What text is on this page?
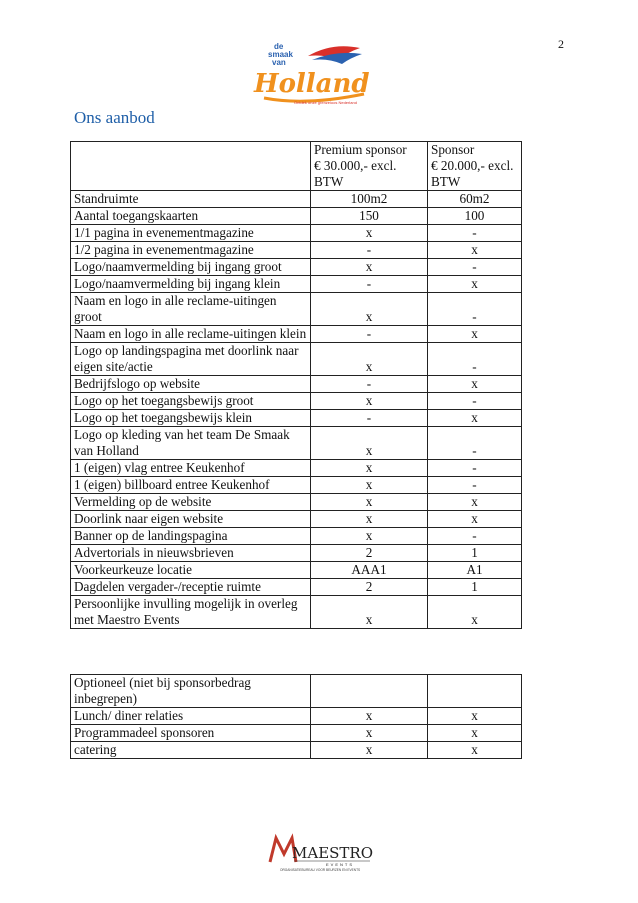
2
de
smaak
van
Holland
Ontdek onze grenzeloos Nederland
Ons aanbod
	Premium sponsor
€ 30.000,- excl.
BTW	Sponsor
€ 20.000,- excl.
BTW
Standruimte	100m2	60m2
Aantal toegangskaarten	150	100
1/1 pagina in evenementmagazine	x	-
1/2 pagina in evenementmagazine	-	x
Logo/naamvermelding bij ingang groot	x	-
Logo/naamvermelding bij ingang klein	-	x
Naam en logo in alle reclame-uitingen groot	x	-
Naam en logo in alle reclame-uitingen klein	-	x
Logo op landingspagina met doorlink naar eigen site/actie	x	-
Bedrijfslogo op website	-	x
Logo op het toegangsbewijs groot	x	-
Logo op het toegangsbewijs klein	-	x
Logo op kleding van het team De Smaak van Holland	x	-
1 (eigen) vlag entree Keukenhof	x	-
1 (eigen) billboard entree Keukenhof	x	-
Vermelding op de website	x	x
Doorlink naar eigen website	x	x
Banner op de landingspagina	x	-
Advertorials in nieuwsbrieven	2	1
Voorkeurkeuze locatie	AAA1	A1
Dagdelen vergader-/receptie ruimte	2	1
Persoonlijke invulling mogelijk in overleg met Maestro Events	x	x
Optioneel (niet bij sponsorbedrag inbegrepen)		
Lunch/ diner relaties	x	x
Programmadeel sponsoren	x	x
catering	x	x
MAESTRO
EVENTS
ORGANISATIEBUREAU VOOR BEURZEN EN EVENTS
